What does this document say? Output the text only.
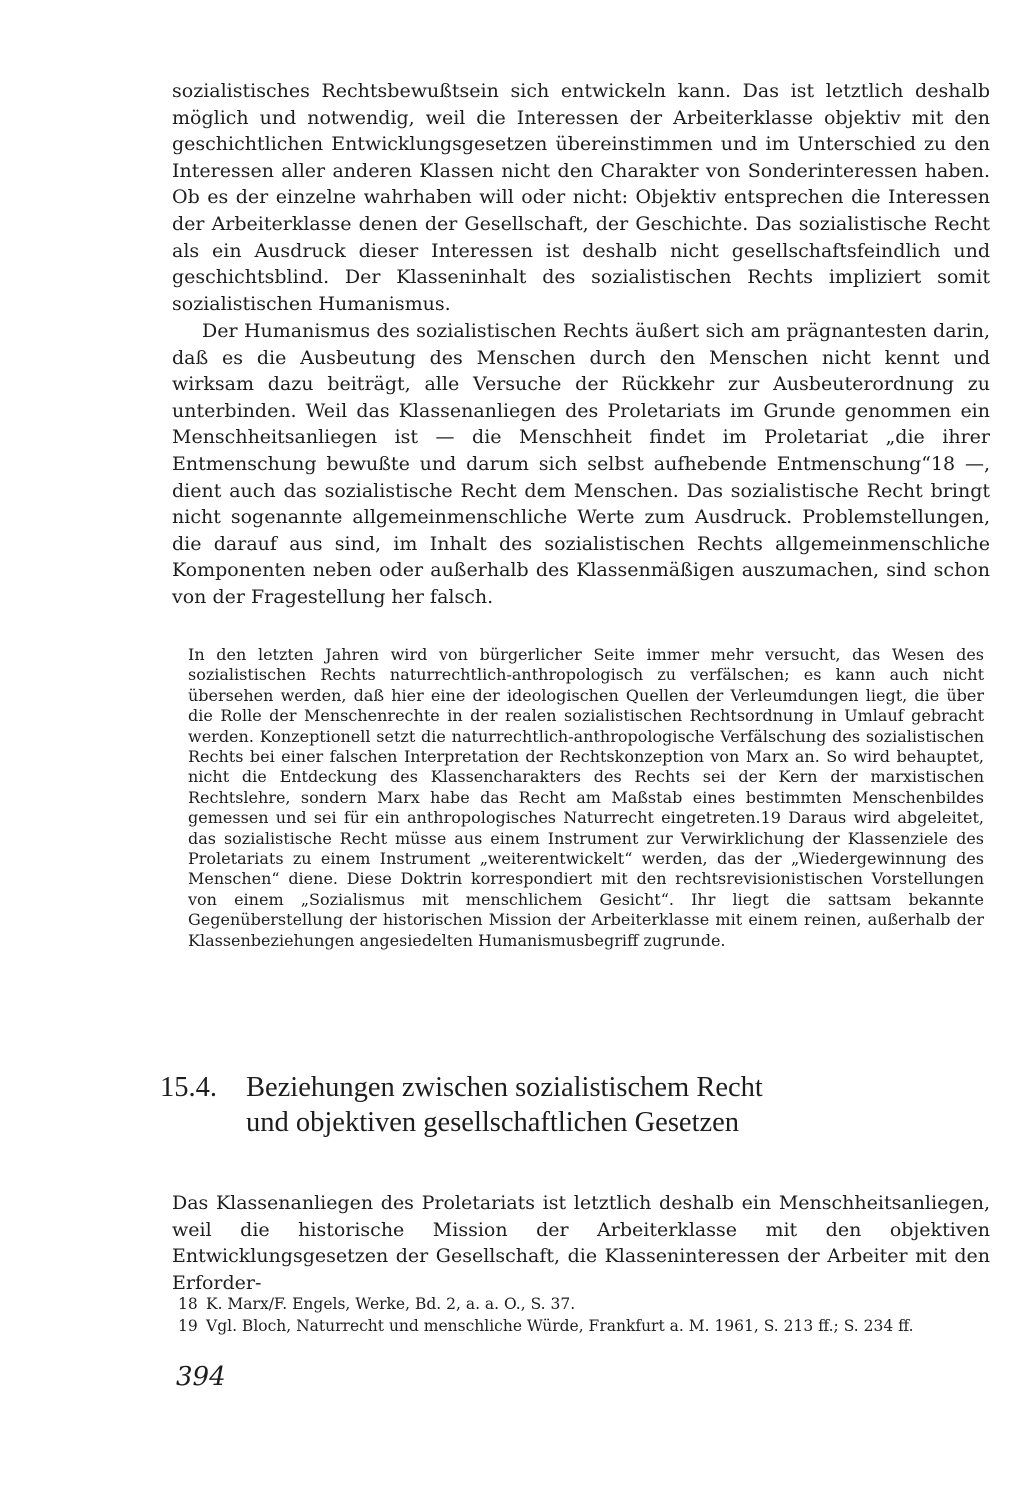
sozialistisches Rechtsbewußtsein sich entwickeln kann. Das ist letztlich deshalb möglich und notwendig, weil die Interessen der Arbeiterklasse objektiv mit den geschichtlichen Entwicklungsgesetzen übereinstimmen und im Unterschied zu den Interessen aller anderen Klassen nicht den Charakter von Sonderinteressen haben. Ob es der einzelne wahrhaben will oder nicht: Objektiv entsprechen die Interessen der Arbeiterklasse denen der Gesellschaft, der Geschichte. Das sozialistische Recht als ein Ausdruck dieser Interessen ist deshalb nicht gesellschaftsfeindlich und geschichtsblind. Der Klasseninhalt des sozialistischen Rechts impliziert somit sozialistischen Humanismus.

Der Humanismus des sozialistischen Rechts äußert sich am prägnantesten darin, daß es die Ausbeutung des Menschen durch den Menschen nicht kennt und wirksam dazu beiträgt, alle Versuche der Rückkehr zur Ausbeuterordnung zu unterbinden. Weil das Klassenanliegen des Proletariats im Grunde genommen ein Menschheitsanliegen ist — die Menschheit findet im Proletariat „die ihrer Entmenschung bewußte und darum sich selbst aufhebende Entmenschung“18 —, dient auch das sozialistische Recht dem Menschen. Das sozialistische Recht bringt nicht sogenannte allgemeinmenschliche Werte zum Ausdruck. Problemstellungen, die darauf aus sind, im Inhalt des sozialistischen Rechts allgemeinmenschliche Komponenten neben oder außerhalb des Klassenmäßigen auszumachen, sind schon von der Fragestellung her falsch.

In den letzten Jahren wird von bürgerlicher Seite immer mehr versucht, das Wesen des sozialistischen Rechts naturrechtlich-anthropologisch zu verfälschen; es kann auch nicht übersehen werden, daß hier eine der ideologischen Quellen der Verleumdungen liegt, die über die Rolle der Menschenrechte in der realen sozialistischen Rechtsordnung in Umlauf gebracht werden. Konzeptionell setzt die naturrechtlich-anthropologische Verfälschung des sozialistischen Rechts bei einer falschen Interpretation der Rechtskonzeption von Marx an. So wird behauptet, nicht die Entdeckung des Klassencharakters des Rechts sei der Kern der marxistischen Rechtslehre, sondern Marx habe das Recht am Maßstab eines bestimmten Menschenbildes gemessen und sei für ein anthropologisches Naturrecht eingetreten.19 Daraus wird abgeleitet, das sozialistische Recht müsse aus einem Instrument zur Verwirklichung der Klassenziele des Proletariats zu einem Instrument „weiterentwickelt“ werden, das der „Wiedergewinnung des Menschen“ diene. Diese Doktrin korrespondiert mit den rechtsrevisionistischen Vorstellungen von einem „Sozialismus mit menschlichem Gesicht“. Ihr liegt die sattsam bekannte Gegenüberstellung der historischen Mission der Arbeiterklasse mit einem reinen, außerhalb der Klassenbeziehungen angesiedelten Humanismusbegriff zugrunde.

15.4. Beziehungen zwischen sozialistischem Recht
und objektiven gesellschaftlichen Gesetzen

Das Klassenanliegen des Proletariats ist letztlich deshalb ein Menschheitsanliegen, weil die historische Mission der Arbeiterklasse mit den objektiven Entwicklungsgesetzen der Gesellschaft, die Klasseninteressen der Arbeiter mit den Erforder-

18 K. Marx/F. Engels, Werke, Bd. 2, a. a. O., S. 37.
19 Vgl. Bloch, Naturrecht und menschliche Würde, Frankfurt a. M. 1961, S. 213 ff.; S. 234 ff.
394
